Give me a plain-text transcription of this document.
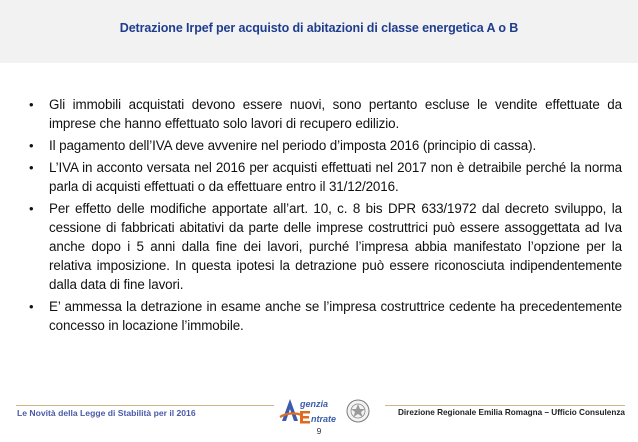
Detrazione Irpef per acquisto di abitazioni di classe energetica A o B
• Gli immobili acquistati devono essere nuovi, sono pertanto escluse le vendite effettuate da imprese che hanno effettuato solo lavori di recupero edilizio.
• Il pagamento dell’IVA deve avvenire nel periodo d’imposta 2016 (principio di cassa).
• L’IVA in acconto versata nel 2016 per acquisti effettuati nel 2017 non è detraibile perché la norma parla di acquisti effettuati o da effettuare entro il 31/12/2016.
• Per effetto delle modifiche apportate all’art. 10, c. 8 bis DPR 633/1972 dal decreto sviluppo, la cessione di fabbricati abitativi da parte delle imprese costruttrici può essere assoggettata ad Iva anche dopo i 5 anni dalla fine dei lavori, purché l’impresa abbia manifestato l’opzione per la relativa imposizione. In questa ipotesi la detrazione può essere riconosciuta indipendentemente dalla data di fine lavori.
• E’ ammessa la detrazione in esame anche se l’impresa costruttrice cedente ha precedentemente concesso in locazione l’immobile.
Le Novità della Legge di Stabilità per il 2016
genzia
ntrate
Direzione Regionale Emilia Romagna – Ufficio Consulenza
9
